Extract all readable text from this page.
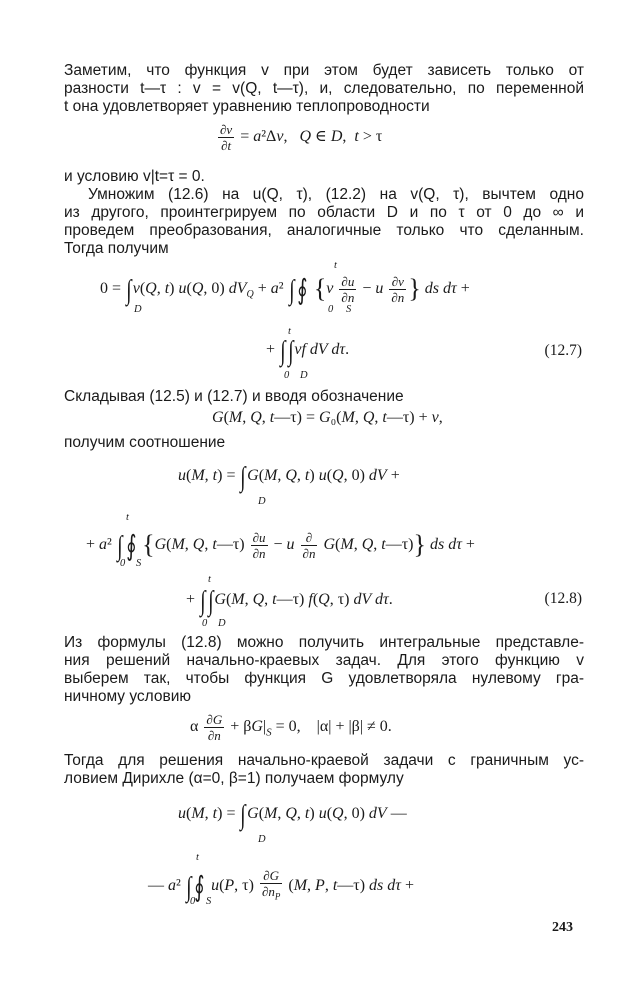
Заметим, что функция v при этом будет зависеть только от
разности t—τ : v = v(Q, t—τ), и, следовательно, по переменной
t она удовлетворяет уравнению теплопроводности
$\frac{\partial v}{\partial t} = a^2\Delta v$,   Q ∈ D,  t > τ
и условию v|t=τ = 0.
Умножим (12.6) на u(Q, τ), (12.2) на v(Q, τ), вычтем одно
из другого, проинтегрируем по области D и по τ от 0 до ∞ и
проведем преобразования, аналогичные только что сделанным.
Тогда получим
0 = ∫v(Q, t) u(Q, 0) $dV_Q + a^2$ ∫ ∮ {$v \frac{\partial u}{\partial n} - u \frac{\partial v}{\partial n}$ } ds dτ +
D
t
0 S
+ ∫∫vf dV dτ.
t
0 D
(12.7)
Складывая (12.5) и (12.7) и вводя обозначение
G(M, Q, t—τ) = G₀(M, Q, t—τ) + v,
получим соотношение
u(M, t) = ∫G(M, Q, t) u(Q, 0) dV +
D
+ a² ∫ ∮ {G(M, Q, t—τ) $\frac{\partial u}{\partial n} - u \frac{\partial}{\partial n} G(M$, Q, t—τ)} ds dτ +
t
0 S
+ ∫∫G(M, Q, t—τ) f(Q, τ) dV dτ.
t
0 D
(12.8)
Из формулы (12.8) можно получить интегральные представле-
ния решений начально-краевых задач. Для этого функцию v
выберем так, чтобы функция G удовлетворяла нулевому гра-
ничному условию
α $\frac{\partial G}{\partial n} + \beta G|_S = 0$,    |α| + |β| ≠ 0.
Тогда для решения начально-краевой задачи с граничным ус-
ловием Дирихле (α=0, β=1) получаем формулу
u(M, t) = ∫G(M, Q, t) u(Q, 0) dV —
D
— a² ∫ ∮ u(P, $\tau) \frac{\partial G}{\partial n_P} (M$, P, t—τ) ds dτ +
t
0 S
243
